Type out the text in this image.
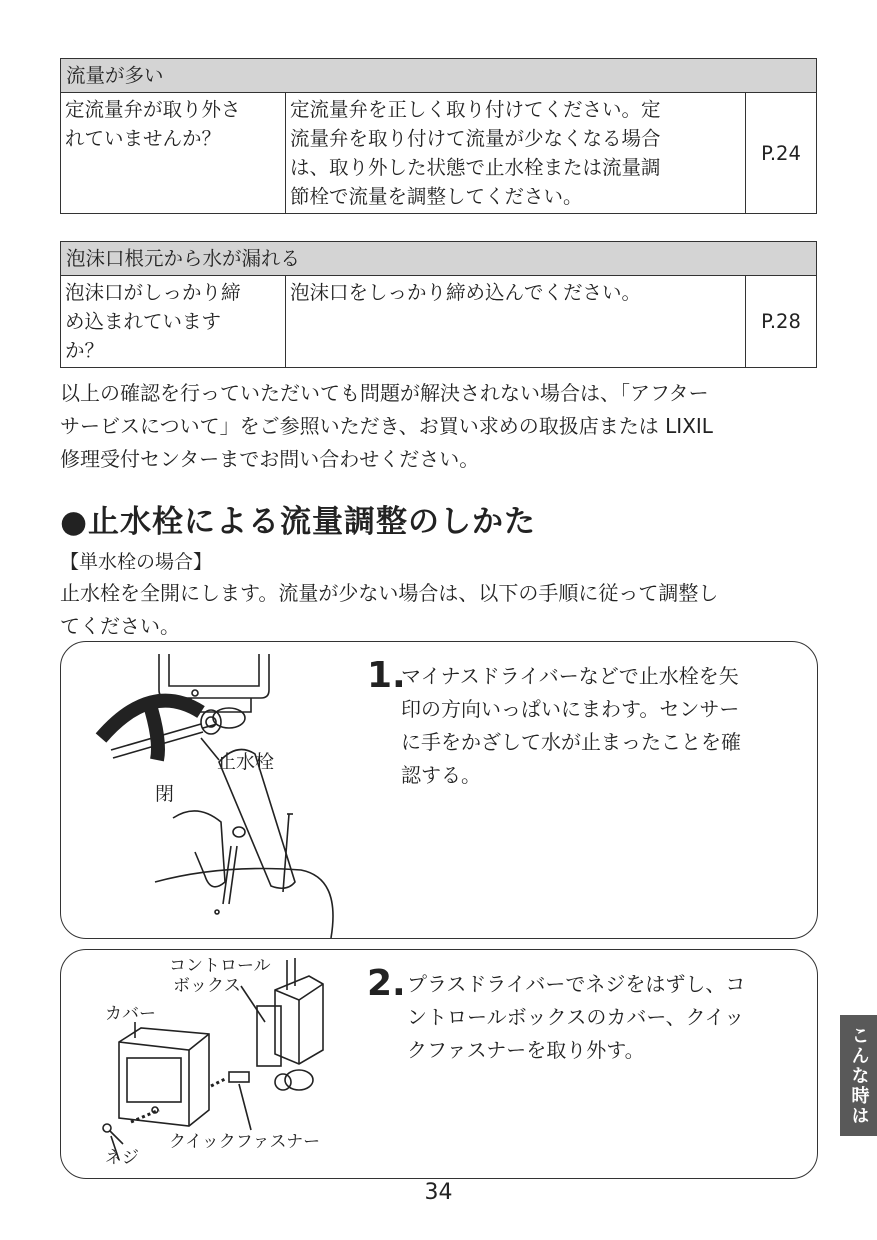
流量が多い

定流量弁が取り外さ
れていませんか？

定流量弁を正しく取り付けてください。定
流量弁を取り付けて流量が少なくなる場合
は、取り外した状態で止水栓または流量調
節栓で流量を調整してください。
	P.24
泡沫口根元から水が漏れる

泡沫口がしっかり締
め込まれています
か？

泡沫口をしっかり締め込んでください。
	P.28
以上の確認を行っていただいても問題が解決されない場合は、「アフター
サービスについて」をご参照いただき、お買い求めの取扱店または LIXIL
修理受付センターまでお問い合わせください。
●止水栓による流量調整のしかた
【単水栓の場合】
止水栓を全開にします。流量が少ない場合は、以下の手順に従って調整し
てください。
止水栓
閉
1.
マイナスドライバーなどで止水栓を矢
印の方向いっぱいにまわす。センサー
に手をかざして水が止まったことを確
認する。
コントロール
ボックス
カバー
クイックファスナー
ネジ
2. プラスドライバーでネジをはずし、コ
ントロールボックスのカバー、クイッ
クファスナーを取り外す。	こんな時は
34
